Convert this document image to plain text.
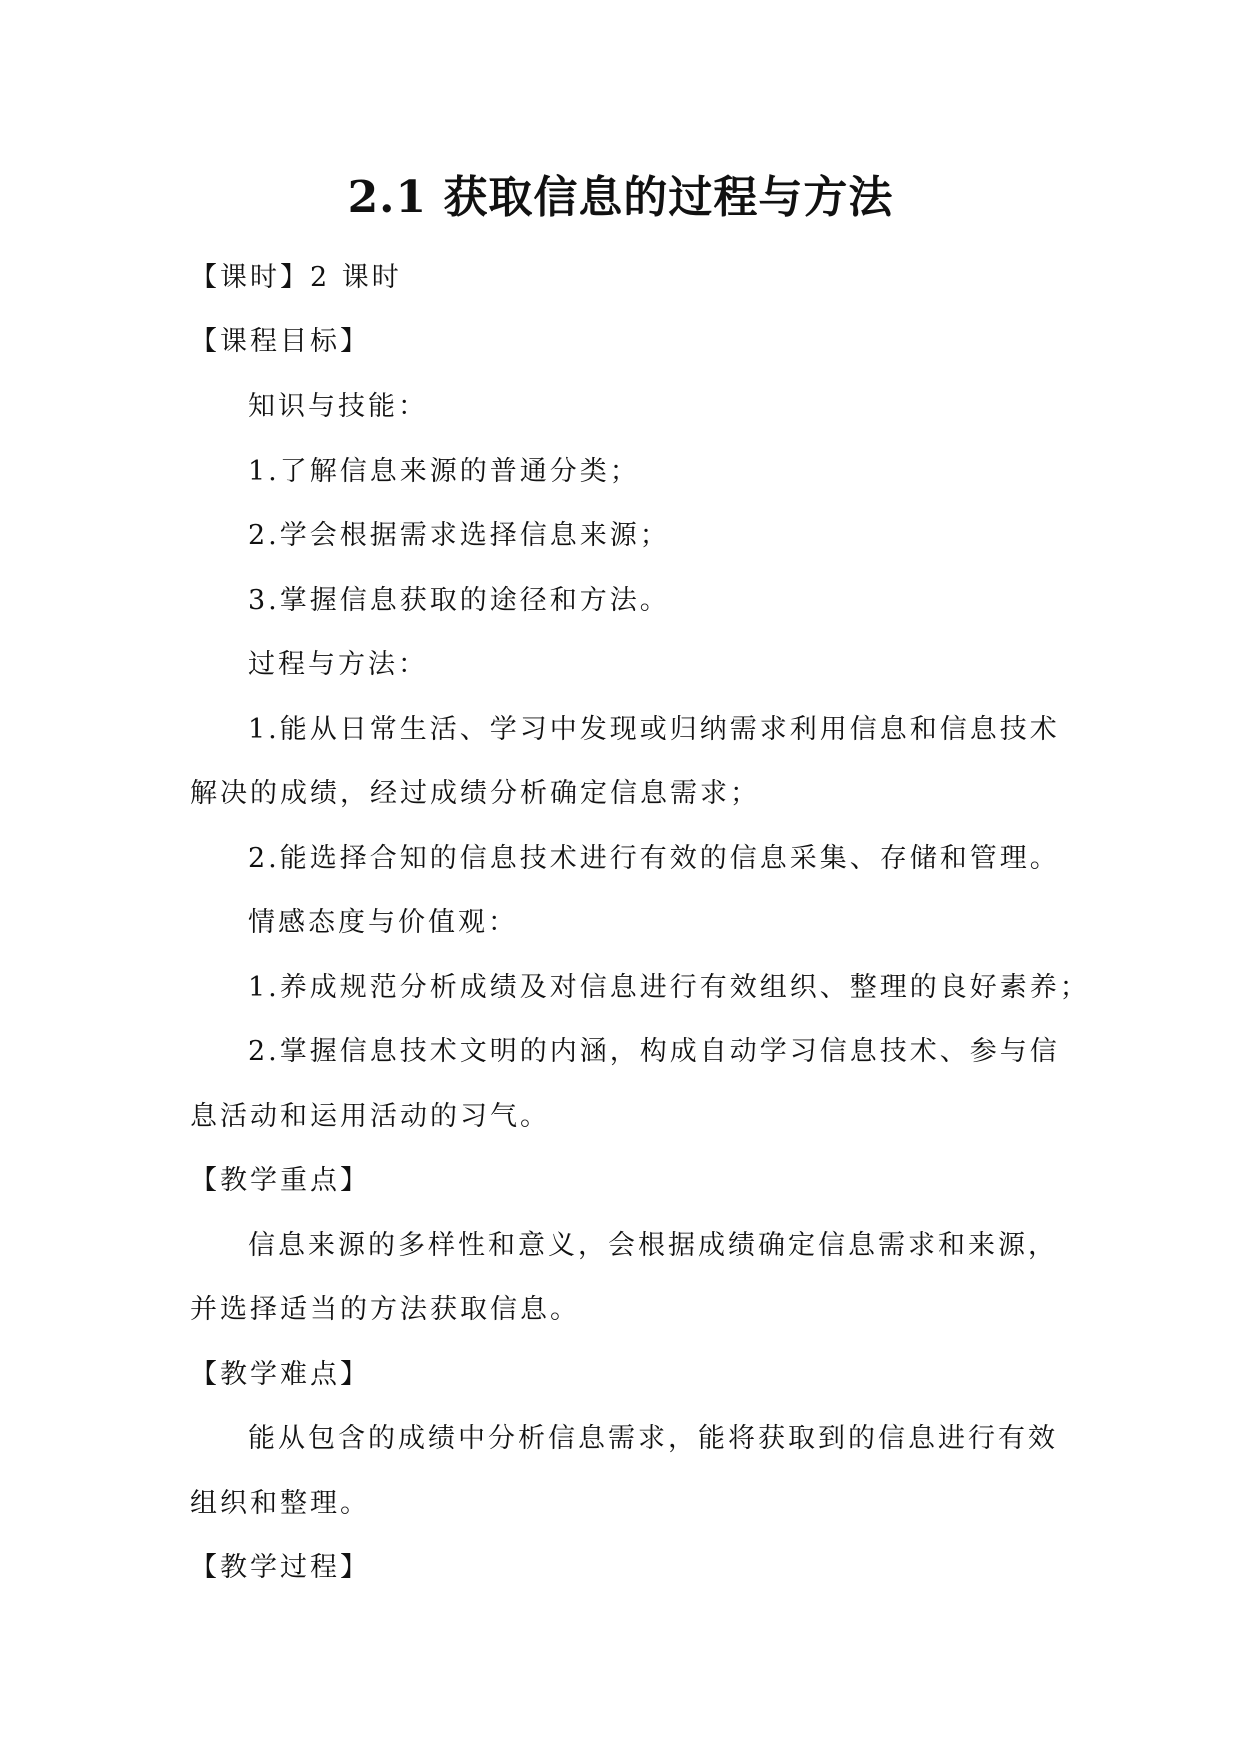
2.1 获取信息的过程与方法
【课时】2 课时
【课程目标】
知识与技能：
1.了解信息来源的普通分类；
2.学会根据需求选择信息来源；
3.掌握信息获取的途径和方法。
过程与方法：
1.能从日常生活、学习中发现或归纳需求利用信息和信息技术
解决的成绩，经过成绩分析确定信息需求；
2.能选择合知的信息技术进行有效的信息采集、存储和管理。
情感态度与价值观：
1.养成规范分析成绩及对信息进行有效组织、整理的良好素养；
2.掌握信息技术文明的内涵，构成自动学习信息技术、参与信
息活动和运用活动的习气。
【教学重点】
信息来源的多样性和意义，会根据成绩确定信息需求和来源，
并选择适当的方法获取信息。
【教学难点】
能从包含的成绩中分析信息需求，能将获取到的信息进行有效
组织和整理。
【教学过程】
